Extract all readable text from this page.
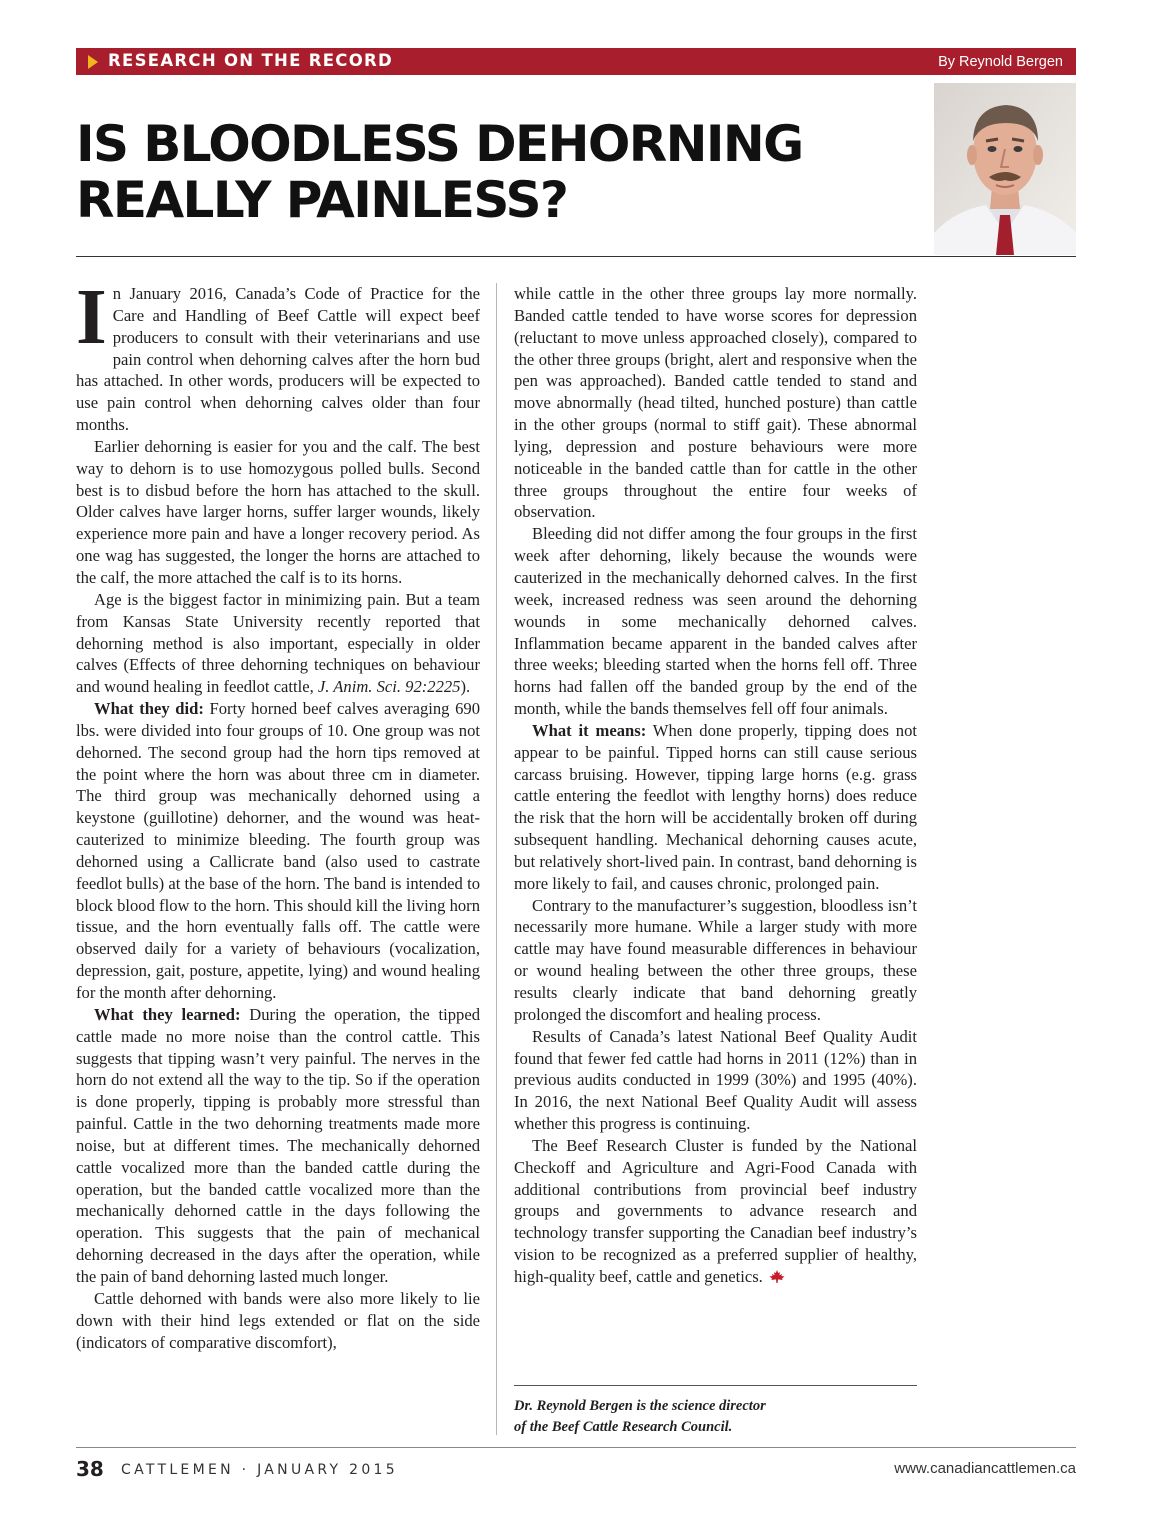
RESEARCH ON THE RECORD	By Reynold Bergen
IS BLOODLESS DEHORNING
REALLY PAINLESS?

In January 2016, Canada’s Code of Practice for the Care and Handling of Beef Cattle will expect beef producers to consult with their veterinarians and use pain control when dehorning calves after the horn bud has attached. In other words, producers will be expected to use pain control when dehorning calves older than four months.

Earlier dehorning is easier for you and the calf. The best way to dehorn is to use homozygous polled bulls. Second best is to disbud before the horn has attached to the skull. Older calves have larger horns, suffer larger wounds, likely experience more pain and have a longer recovery period. As one wag has suggested, the longer the horns are attached to the calf, the more attached the calf is to its horns.

Age is the biggest factor in minimizing pain. But a team from Kansas State University recently reported that dehorning method is also important, especially in older calves (Effects of three dehorning techniques on behaviour and wound healing in feedlot cattle, J. Anim. Sci. 92:2225).

What they did: Forty horned beef calves averaging 690 lbs. were divided into four groups of 10. One group was not dehorned. The second group had the horn tips removed at the point where the horn was about three cm in diameter. The third group was mechanically dehorned using a keystone (guillotine) dehorner, and the wound was heat-cauterized to minimize bleeding. The fourth group was dehorned using a Callicrate band (also used to castrate feedlot bulls) at the base of the horn. The band is intended to block blood flow to the horn. This should kill the living horn tissue, and the horn eventually falls off. The cattle were observed daily for a variety of behaviours (vocalization, depression, gait, posture, appetite, lying) and wound healing for the month after dehorning.

What they learned: During the operation, the tipped cattle made no more noise than the control cattle. This suggests that tipping wasn’t very painful. The nerves in the horn do not extend all the way to the tip. So if the operation is done properly, tipping is probably more stressful than painful. Cattle in the two dehorning treatments made more noise, but at different times. The mechanically dehorned cattle vocalized more than the banded cattle during the operation, but the banded cattle vocalized more than the mechanically dehorned cattle in the days following the operation. This suggests that the pain of mechanical dehorning decreased in the days after the operation, while the pain of band dehorning lasted much longer.

Cattle dehorned with bands were also more likely to lie down with their hind legs extended or flat on the side (indicators of comparative discomfort),

while cattle in the other three groups lay more normally. Banded cattle tended to have worse scores for depression (reluctant to move unless approached closely), compared to the other three groups (bright, alert and responsive when the pen was approached). Banded cattle tended to stand and move abnormally (head tilted, hunched posture) than cattle in the other groups (normal to stiff gait). These abnormal lying, depression and posture behaviours were more noticeable in the banded cattle than for cattle in the other three groups throughout the entire four weeks of observation.

Bleeding did not differ among the four groups in the first week after dehorning, likely because the wounds were cauterized in the mechanically dehorned calves. In the first week, increased redness was seen around the dehorning wounds in some mechanically dehorned calves. Inflammation became apparent in the banded calves after three weeks; bleeding started when the horns fell off. Three horns had fallen off the banded group by the end of the month, while the bands themselves fell off four animals.

What it means: When done properly, tipping does not appear to be painful. Tipped horns can still cause serious carcass bruising. However, tipping large horns (e.g. grass cattle entering the feedlot with lengthy horns) does reduce the risk that the horn will be accidentally broken off during subsequent handling. Mechanical dehorning causes acute, but relatively short-lived pain. In contrast, band dehorning is more likely to fail, and causes chronic, prolonged pain.

Contrary to the manufacturer’s suggestion, bloodless isn’t necessarily more humane. While a larger study with more cattle may have found measurable differences in behaviour or wound healing between the other three groups, these results clearly indicate that band dehorning greatly prolonged the discomfort and healing process.

Results of Canada’s latest National Beef Quality Audit found that fewer fed cattle had horns in 2011 (12%) than in previous audits conducted in 1999 (30%) and 1995 (40%). In 2016, the next National Beef Quality Audit will assess whether this progress is continuing.

The Beef Research Cluster is funded by the National Checkoff and Agriculture and Agri-Food Canada with additional contributions from provincial beef industry groups and governments to advance research and technology transfer supporting the Canadian beef industry’s vision to be recognized as a preferred supplier of healthy, high-quality beef, cattle and genetics.

Dr. Reynold Bergen is the science director
of the Beef Cattle Research Council.
38 CATTLEMEN · JANUARY 2015	www.canadiancattlemen.ca
